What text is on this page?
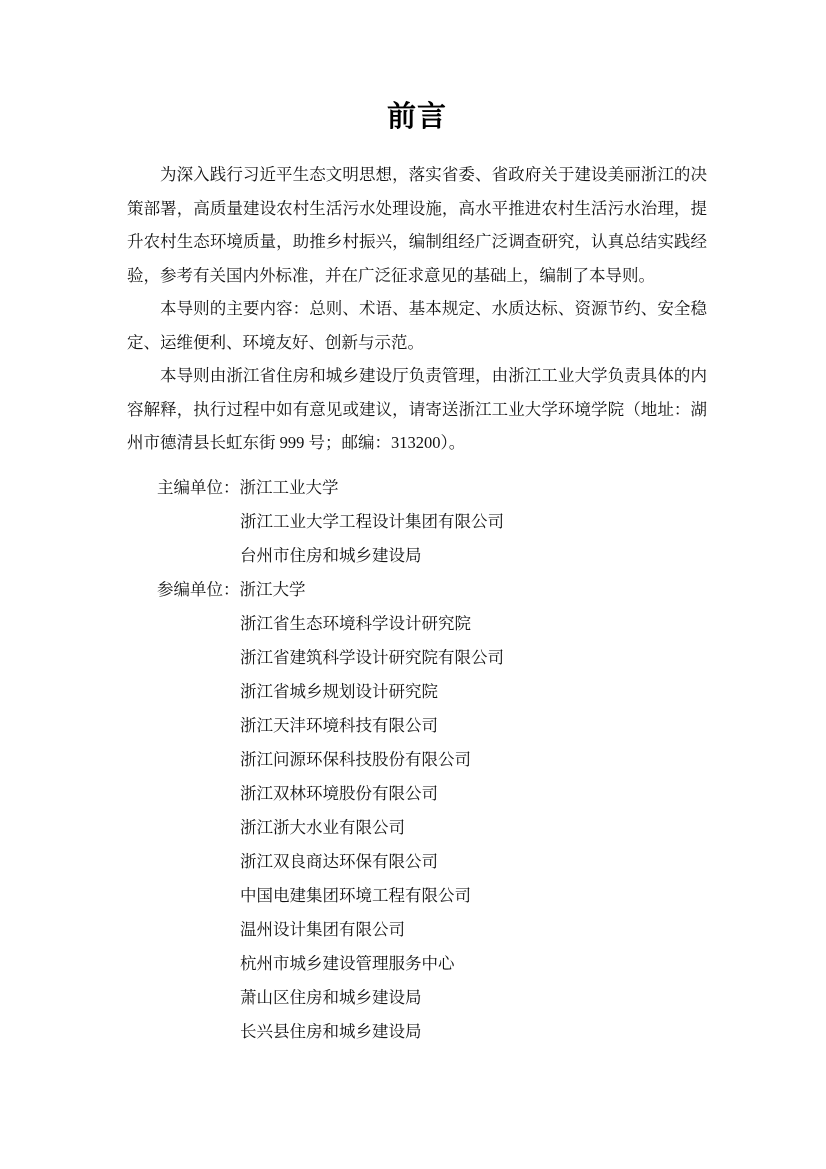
前言

为深入践行习近平生态文明思想，落实省委、省政府关于建设美丽浙江的决策部署，高质量建设农村生活污水处理设施，高水平推进农村生活污水治理，提升农村生态环境质量，助推乡村振兴，编制组经广泛调查研究，认真总结实践经验，参考有关国内外标准，并在广泛征求意见的基础上，编制了本导则。

本导则的主要内容：总则、术语、基本规定、水质达标、资源节约、安全稳定、运维便利、环境友好、创新与示范。

本导则由浙江省住房和城乡建设厅负责管理，由浙江工业大学负责具体的内容解释，执行过程中如有意见或建议，请寄送浙江工业大学环境学院（地址：湖州市德清县长虹东街 999 号；邮编：313200）。

主编单位：浙江工业大学
浙江工业大学工程设计集团有限公司
台州市住房和城乡建设局
参编单位：浙江大学
浙江省生态环境科学设计研究院
浙江省建筑科学设计研究院有限公司
浙江省城乡规划设计研究院
浙江天沣环境科技有限公司
浙江问源环保科技股份有限公司
浙江双林环境股份有限公司
浙江浙大水业有限公司
浙江双良商达环保有限公司
中国电建集团环境工程有限公司
温州设计集团有限公司
杭州市城乡建设管理服务中心
萧山区住房和城乡建设局
长兴县住房和城乡建设局
